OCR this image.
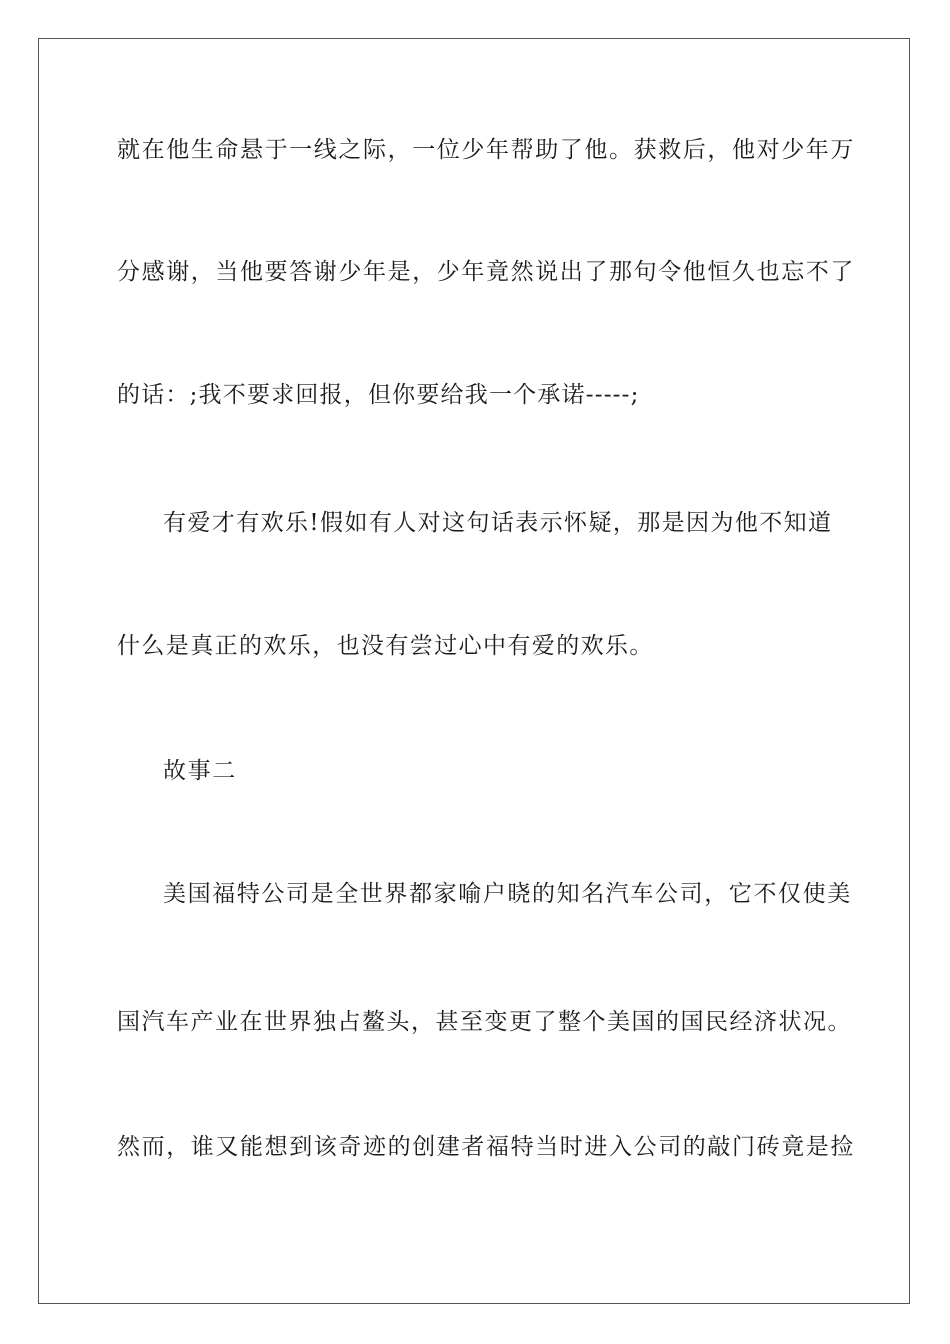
就在他生命悬于一线之际，一位少年帮助了他。获救后，他对少年万
分感谢，当他要答谢少年是，少年竟然说出了那句令他恒久也忘不了
的话：;我不要求回报，但你要给我一个承诺-----;
有爱才有欢乐!假如有人对这句话表示怀疑，那是因为他不知道
什么是真正的欢乐，也没有尝过心中有爱的欢乐。
故事二
美国福特公司是全世界都家喻户晓的知名汽车公司，它不仅使美
国汽车产业在世界独占鳌头，甚至变更了整个美国的国民经济状况。
然而，谁又能想到该奇迹的创建者福特当时进入公司的敲门砖竟是捡
